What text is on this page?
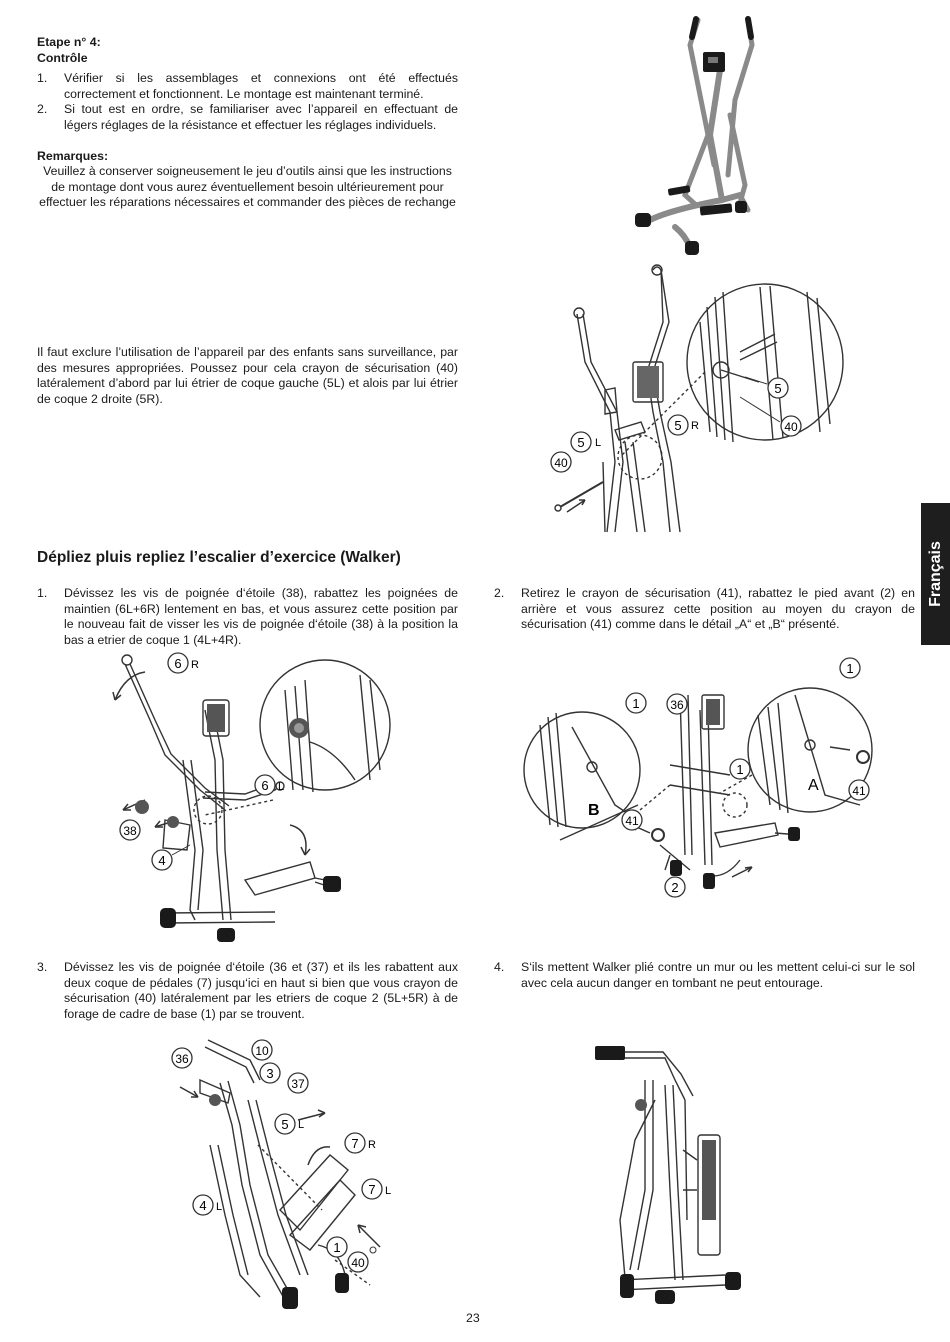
Etape n° 4:
Contrôle
1. Vérifier si les assemblages et connexions ont été effectués correctement et fonctionnent. Le montage est maintenant terminé.
2. Si tout est en ordre, se familiariser avec l’appareil en effectuant de légers réglages de la résistance et effectuer les réglages individuels.
Remarques:
Veuillez à conserver soigneusement le jeu d’outils ainsi que les instructions de montage dont vous aurez éventuellement besoin ultérieurement pour effectuer les réparations nécessaires et commander des pièces de rechange
Il faut exclure l’utilisation de l’appareil par des enfants sans surveillance, par des mesures appropriées. Poussez pour cela crayon de sécurisation (40) latéralement d’abord par lui étrier de coque gauche (5L) et alois par lui étrier de coque 2 droite (5R).
Dépliez pluis repliez l’escalier d’exercice (Walker)
1. Dévissez les vis de poignée d‘étoile (38), rabattez les poignées de maintien (6L+6R) lentement en bas, et vous assurez cette position par le nouveau fait de visser les vis de poignée d‘étoile (38) à la position la bas a etrier de coque 1 (4L+4R).
2. Retirez le crayon de sécurisation (41), rabattez le pied avant (2) en arrière et vous assurez cette position au moyen du crayon de sécurisation (41) comme dans le détail „A“ et „B“ présenté.
3. Dévissez les vis de poignée d‘étoile (36 et (37) et ils les rabattent aux deux coque de pédales (7) jusqu‘ici en haut si bien que vous crayon de sécurisation (40) latéralement par les etriers de coque 2 (5L+5R) à de forage de cadre de base (1) par se trouvent.
4. S‘ils mettent Walker plié contre un mur ou les mettent celui-ci sur le sol avec cela aucun danger en tombant ne peut entourage.
Français
23
5
40
5 L
5 R
40
6 R
6 L
38
4
A
B
1	36
1
1
41
41
2
36
10
3
37
5 L
7 R
7 L
4 L
1
40
